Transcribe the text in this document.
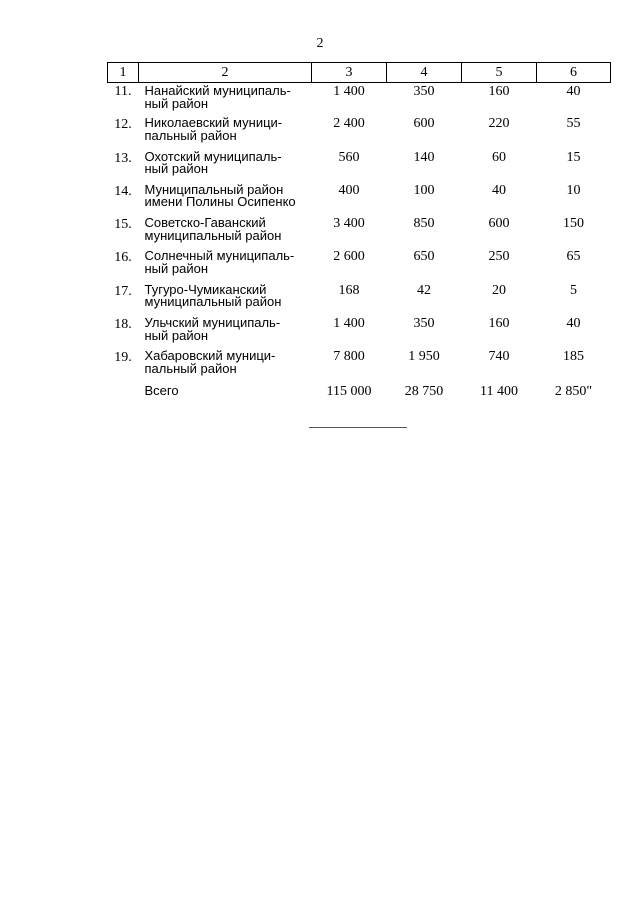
2
1	2	3	4	5	6
11.	Нанайский муниципаль-
ный район	1 400	350	160	40
12.	Николаевский муници-
пальный район	2 400	600	220	55
13.	Охотский муниципаль-
ный район	560	140	60	15
14.	Муниципальный район
имени Полины Осипенко	400	100	40	10
15.	Советско-Гаванский
муниципальный район	3 400	850	600	150
16.	Солнечный муниципаль-
ный район	2 600	650	250	65
17.	Тугуро-Чумиканский
муниципальный район	168	42	20	5
18.	Ульчский муниципаль-
ный район	1 400	350	160	40
19.	Хабаровский муници-
пальный район	7 800	1 950	740	185
	Всего	115 000	28 750	11 400	2 850"
